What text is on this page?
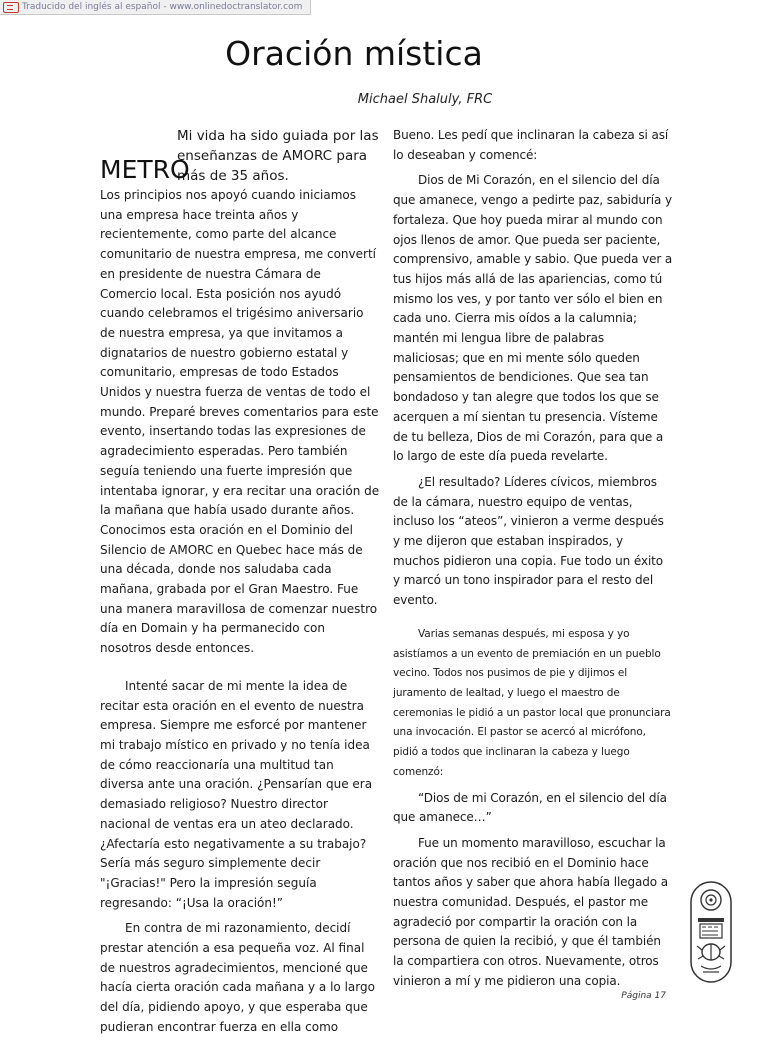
Traducido del inglés al español - www.onlinedoctranslator.com
Oración mística
Michael Shaluly, FRC
Mi vida ha sido guiada por las enseñanzas de AMORC para más de 35 años.
METRO

Los principios nos apoyó cuando iniciamos una empresa hace treinta años y recientemente, como parte del alcance comunitario de nuestra empresa, me convertí en presidente de nuestra Cámara de Comercio local. Esta posición nos ayudó cuando celebramos el trigésimo aniversario de nuestra empresa, ya que invitamos a dignatarios de nuestro gobierno estatal y comunitario, empresas de todo Estados Unidos y nuestra fuerza de ventas de todo el mundo. Preparé breves comentarios para este evento, insertando todas las expresiones de agradecimiento esperadas. Pero también seguía teniendo una fuerte impresión que intentaba ignorar, y era recitar una oración de la mañana que había usado durante años. Conocimos esta oración en el Dominio del Silencio de AMORC en Quebec hace más de una década, donde nos saludaba cada mañana, grabada por el Gran Maestro. Fue una manera maravillosa de comenzar nuestro día en Domain y ha permanecido con nosotros desde entonces.

Intenté sacar de mi mente la idea de recitar esta oración en el evento de nuestra empresa. Siempre me esforcé por mantener mi trabajo místico en privado y no tenía idea de cómo reaccionaría una multitud tan diversa ante una oración. ¿Pensarían que era demasiado religioso? Nuestro director nacional de ventas era un ateo declarado. ¿Afectaría esto negativamente a su trabajo? Sería más seguro simplemente decir "¡Gracias!" Pero la impresión seguía regresando: “¡Usa la oración!”

En contra de mi razonamiento, decidí prestar atención a esa pequeña voz. Al final de nuestros agradecimientos, mencioné que hacía cierta oración cada mañana y a lo largo del día, pidiendo apoyo, y que esperaba que pudieran encontrar fuerza en ella como

Bueno. Les pedí que inclinaran la cabeza si así lo deseaban y comencé:

Dios de Mi Corazón, en el silencio del día que amanece, vengo a pedirte paz, sabiduría y fortaleza. Que hoy pueda mirar al mundo con ojos llenos de amor. Que pueda ser paciente, comprensivo, amable y sabio. Que pueda ver a tus hijos más allá de las apariencias, como tú mismo los ves, y por tanto ver sólo el bien en cada uno. Cierra mis oídos a la calumnia; mantén mi lengua libre de palabras maliciosas; que en mi mente sólo queden pensamientos de bendiciones. Que sea tan bondadoso y tan alegre que todos los que se acerquen a mí sientan tu presencia. Vísteme de tu belleza, Dios de mi Corazón, para que a lo largo de este día pueda revelarte.

¿El resultado? Líderes cívicos, miembros de la cámara, nuestro equipo de ventas, incluso los “ateos”, vinieron a verme después y me dijeron que estaban inspirados, y muchos pidieron una copia. Fue todo un éxito y marcó un tono inspirador para el resto del evento.

Varias semanas después, mi esposa y yo asistíamos a un evento de premiación en un pueblo vecino. Todos nos pusimos de pie y dijimos el juramento de lealtad, y luego el maestro de ceremonias le pidió a un pastor local que pronunciara una invocación. El pastor se acercó al micrófono, pidió a todos que inclinaran la cabeza y luego comenzó:

“Dios de mi Corazón, en el silencio del día que amanece…”

Fue un momento maravilloso, escuchar la oración que nos recibió en el Dominio hace tantos años y saber que ahora había llegado a nuestra comunidad. Después, el pastor me agradeció por compartir la oración con la persona de quien la recibió, y que él también la compartiera con otros. Nuevamente, otros vinieron a mí y me pidieron una copia.

Página 17
